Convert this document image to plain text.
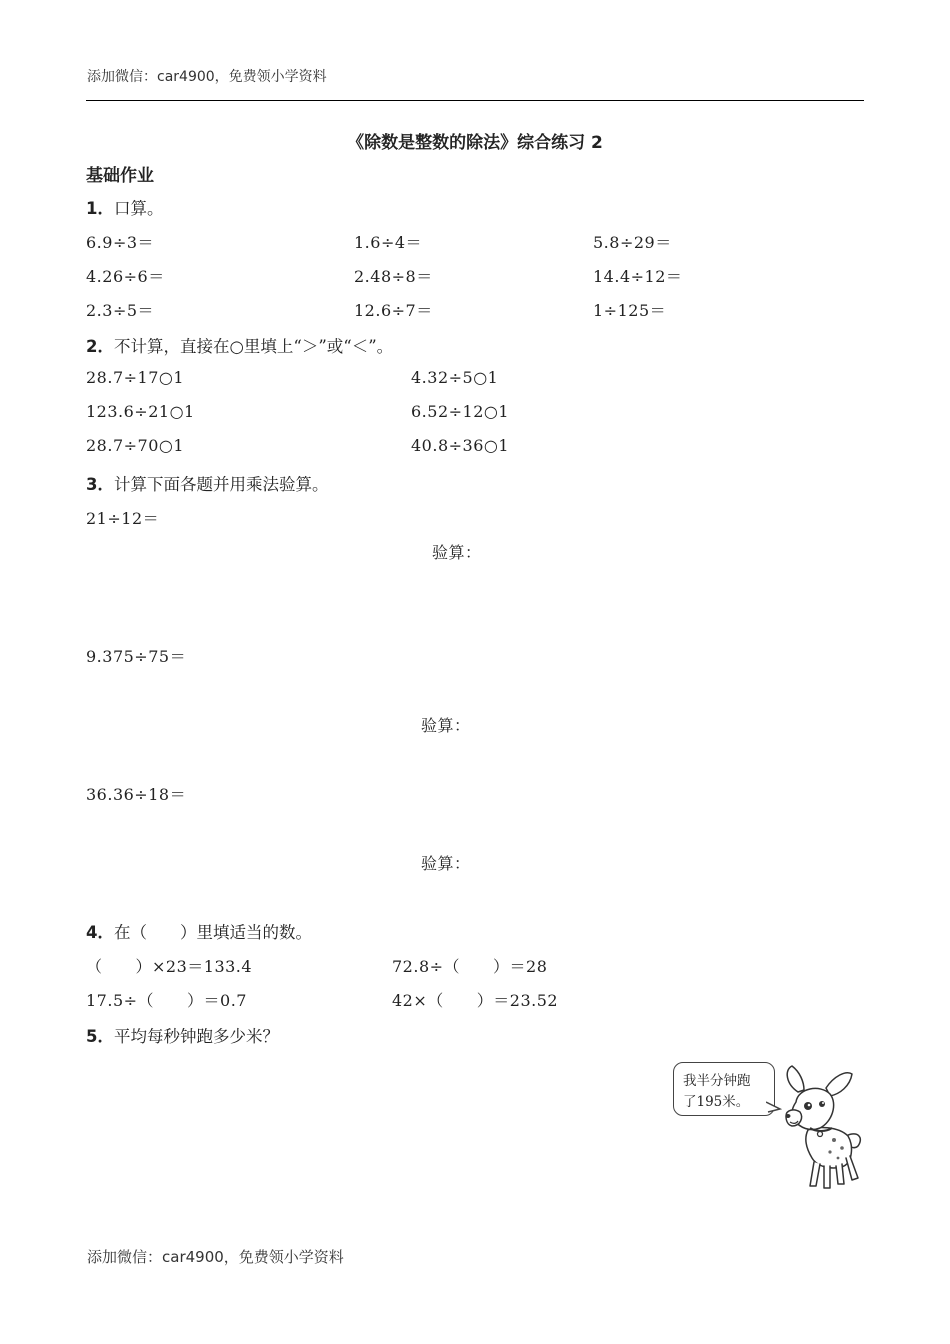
添加微信：car4900，免费领小学资料
《除数是整数的除法》综合练习 2
基础作业
1．口算。
6.9÷3＝	1.6÷4＝	5.8÷29＝
4.26÷6＝	2.48÷8＝	14.4÷12＝
2.3÷5＝	12.6÷7＝	1÷125＝
2．不计算，直接在○里填上“＞”或“＜”。
28.7÷17○1	4.32÷5○1
123.6÷21○1	6.52÷12○1
28.7÷70○1	40.8÷36○1
3．计算下面各题并用乘法验算。
21÷12＝
验算：
9.375÷75＝
验算：
36.36÷18＝
验算：
4．在（　　）里填适当的数。
（　　）×23＝133.4	72.8÷（　　）＝28
17.5÷（　　）＝0.7	42×（　　）＝23.52
5．平均每秒钟跑多少米？
我半分钟跑
了195米。
添加微信：car4900，免费领小学资料
